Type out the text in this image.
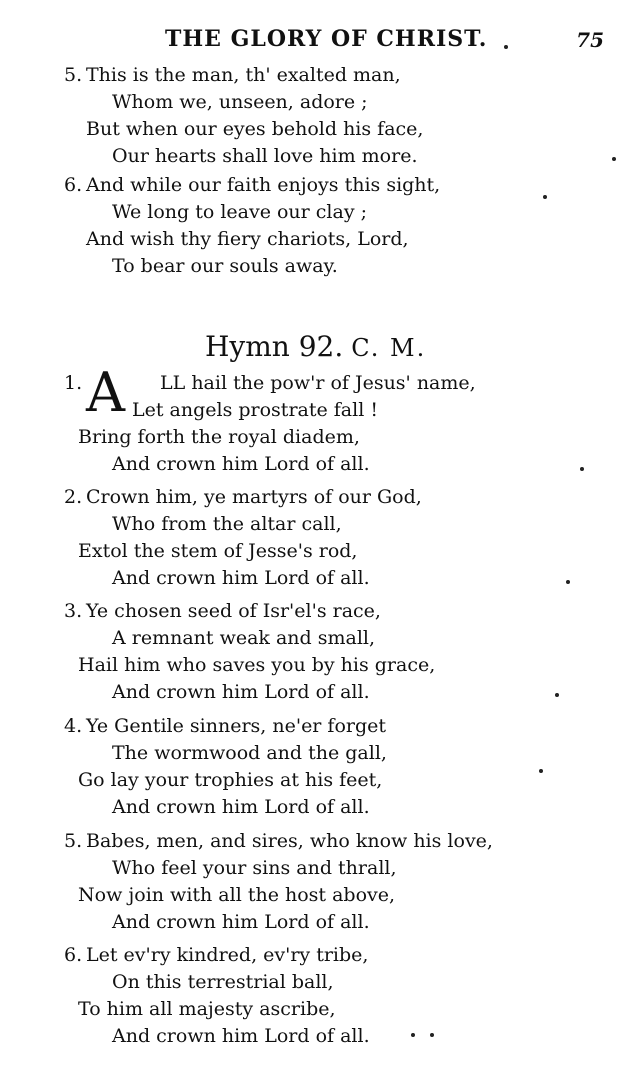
THE GLORY OF CHRIST.	75
5. This is the man, th' exalted man,
Whom we, unseen, adore ;
But when our eyes behold his face,
Our hearts shall love him more.
6. And while our faith enjoys this sight,
We long to leave our clay ;
And wish thy fiery chariots, Lord,
To bear our souls away.
Hymn 92. C. M.
1. A LL hail the pow'r of Jesus' name,
Let angels prostrate fall !
Bring forth the royal diadem,
And crown him Lord of all.
2. Crown him, ye martyrs of our God,
Who from the altar call,
Extol the stem of Jesse's rod,
And crown him Lord of all.
3. Ye chosen seed of Isr'el's race,
A remnant weak and small,
Hail him who saves you by his grace,
And crown him Lord of all.
4. Ye Gentile sinners, ne'er forget
The wormwood and the gall,
Go lay your trophies at his feet,
And crown him Lord of all.
5. Babes, men, and sires, who know his love,
Who feel your sins and thrall,
Now join with all the host above,
And crown him Lord of all.
6. Let ev'ry kindred, ev'ry tribe,
On this terrestrial ball,
To him all majesty ascribe,
And crown him Lord of all.
